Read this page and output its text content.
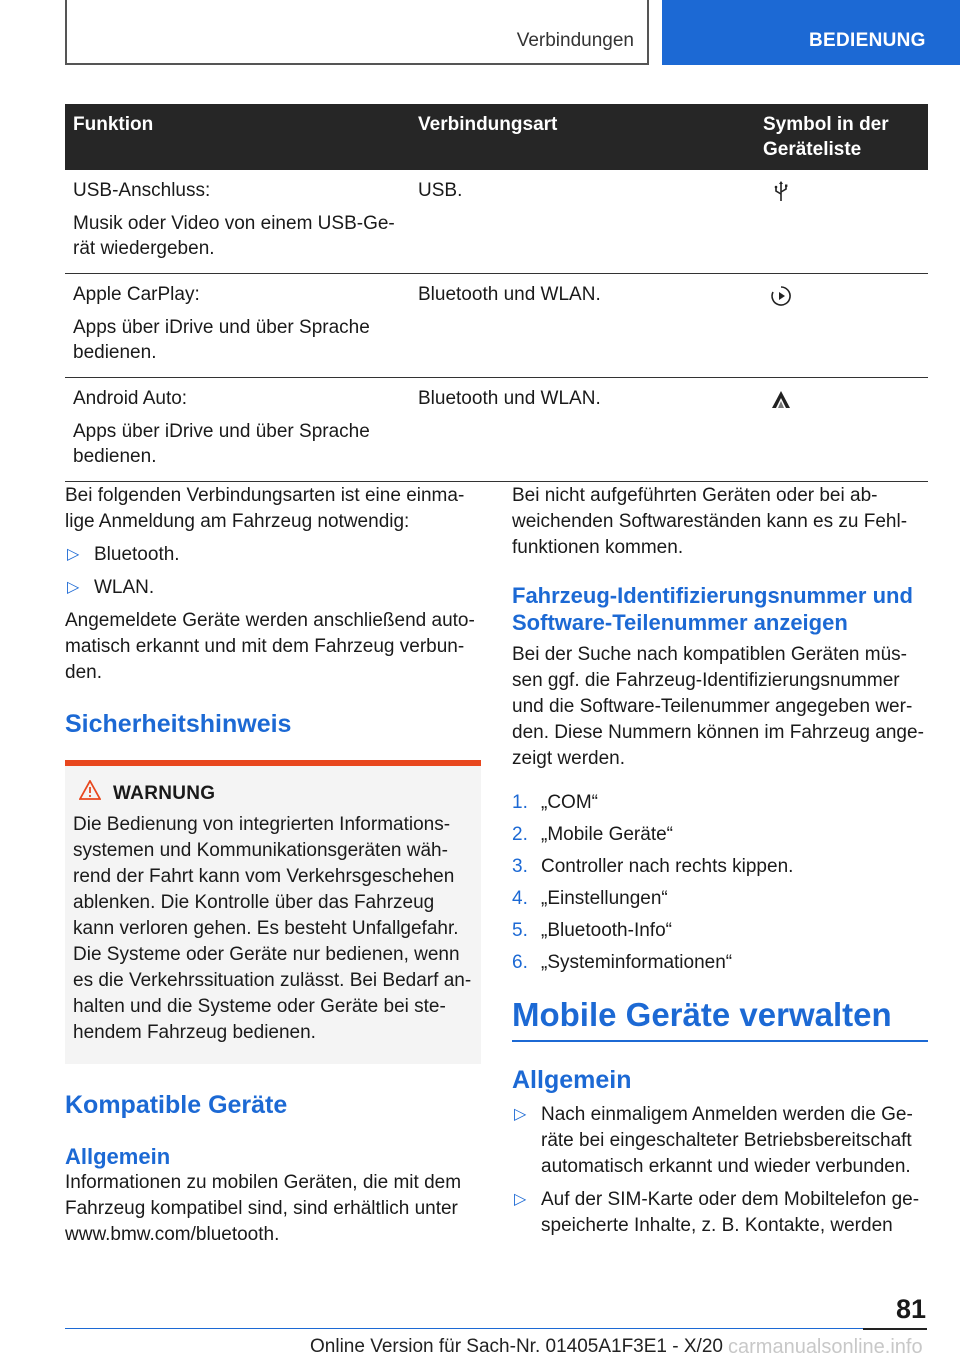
Verbindungen	BEDIENUNG
Funktion	Verbindungsart	Symbol in der Geräteliste

USB-Anschluss:

Musik oder Video von einem USB-Gerät wiedergeben.	USB.	

Apple CarPlay:

Apps über iDrive und über Sprache bedienen.	Bluetooth und WLAN.	

Android Auto:

Apps über iDrive und über Sprache bedienen.	Bluetooth und WLAN.	

Bei folgenden Verbindungsarten ist eine einmalige Anmeldung am Fahrzeug notwendig:

▷ Bluetooth.
▷ WLAN.

Angemeldete Geräte werden anschließend automatisch erkannt und mit dem Fahrzeug verbunden.

Sicherheitshinweis
WARNUNG

Die Bedienung von integrierten Informationssystemen und Kommunikationsgeräten während der Fahrt kann vom Verkehrsgeschehen ablenken. Die Kontrolle über das Fahrzeug kann verloren gehen. Es besteht Unfallgefahr. Die Systeme oder Geräte nur bedienen, wenn es die Verkehrssituation zulässt. Bei Bedarf anhalten und die Systeme oder Geräte bei stehendem Fahrzeug bedienen.

Kompatible Geräte
Allgemein

Informationen zu mobilen Geräten, die mit dem Fahrzeug kompatibel sind, sind erhältlich unter www.bmw.com/bluetooth.

Bei nicht aufgeführten Geräten oder bei abweichenden Softwareständen kann es zu Fehlfunktionen kommen.

Fahrzeug-Identifizierungsnummer und Software-Teilenummer anzeigen

Bei der Suche nach kompatiblen Geräten müssen ggf. die Fahrzeug-Identifizierungsnummer und die Software-Teilenummer angegeben werden. Diese Nummern können im Fahrzeug angezeigt werden.

1. „COM“
2. „Mobile Geräte“
3. Controller nach rechts kippen.
4. „Einstellungen“
5. „Bluetooth-Info“
6. „Systeminformationen“
Mobile Geräte verwalten
Allgemein
▷ Nach einmaligem Anmelden werden die Geräte bei eingeschalteter Betriebsbereitschaft automatisch erkannt und wieder verbunden.
▷ Auf der SIM-Karte oder dem Mobiltelefon gespeicherte Inhalte, z. B. Kontakte, werden
81
Online Version für Sach-Nr. 01405A1F3E1 - X/20 carmanualsonline.info
